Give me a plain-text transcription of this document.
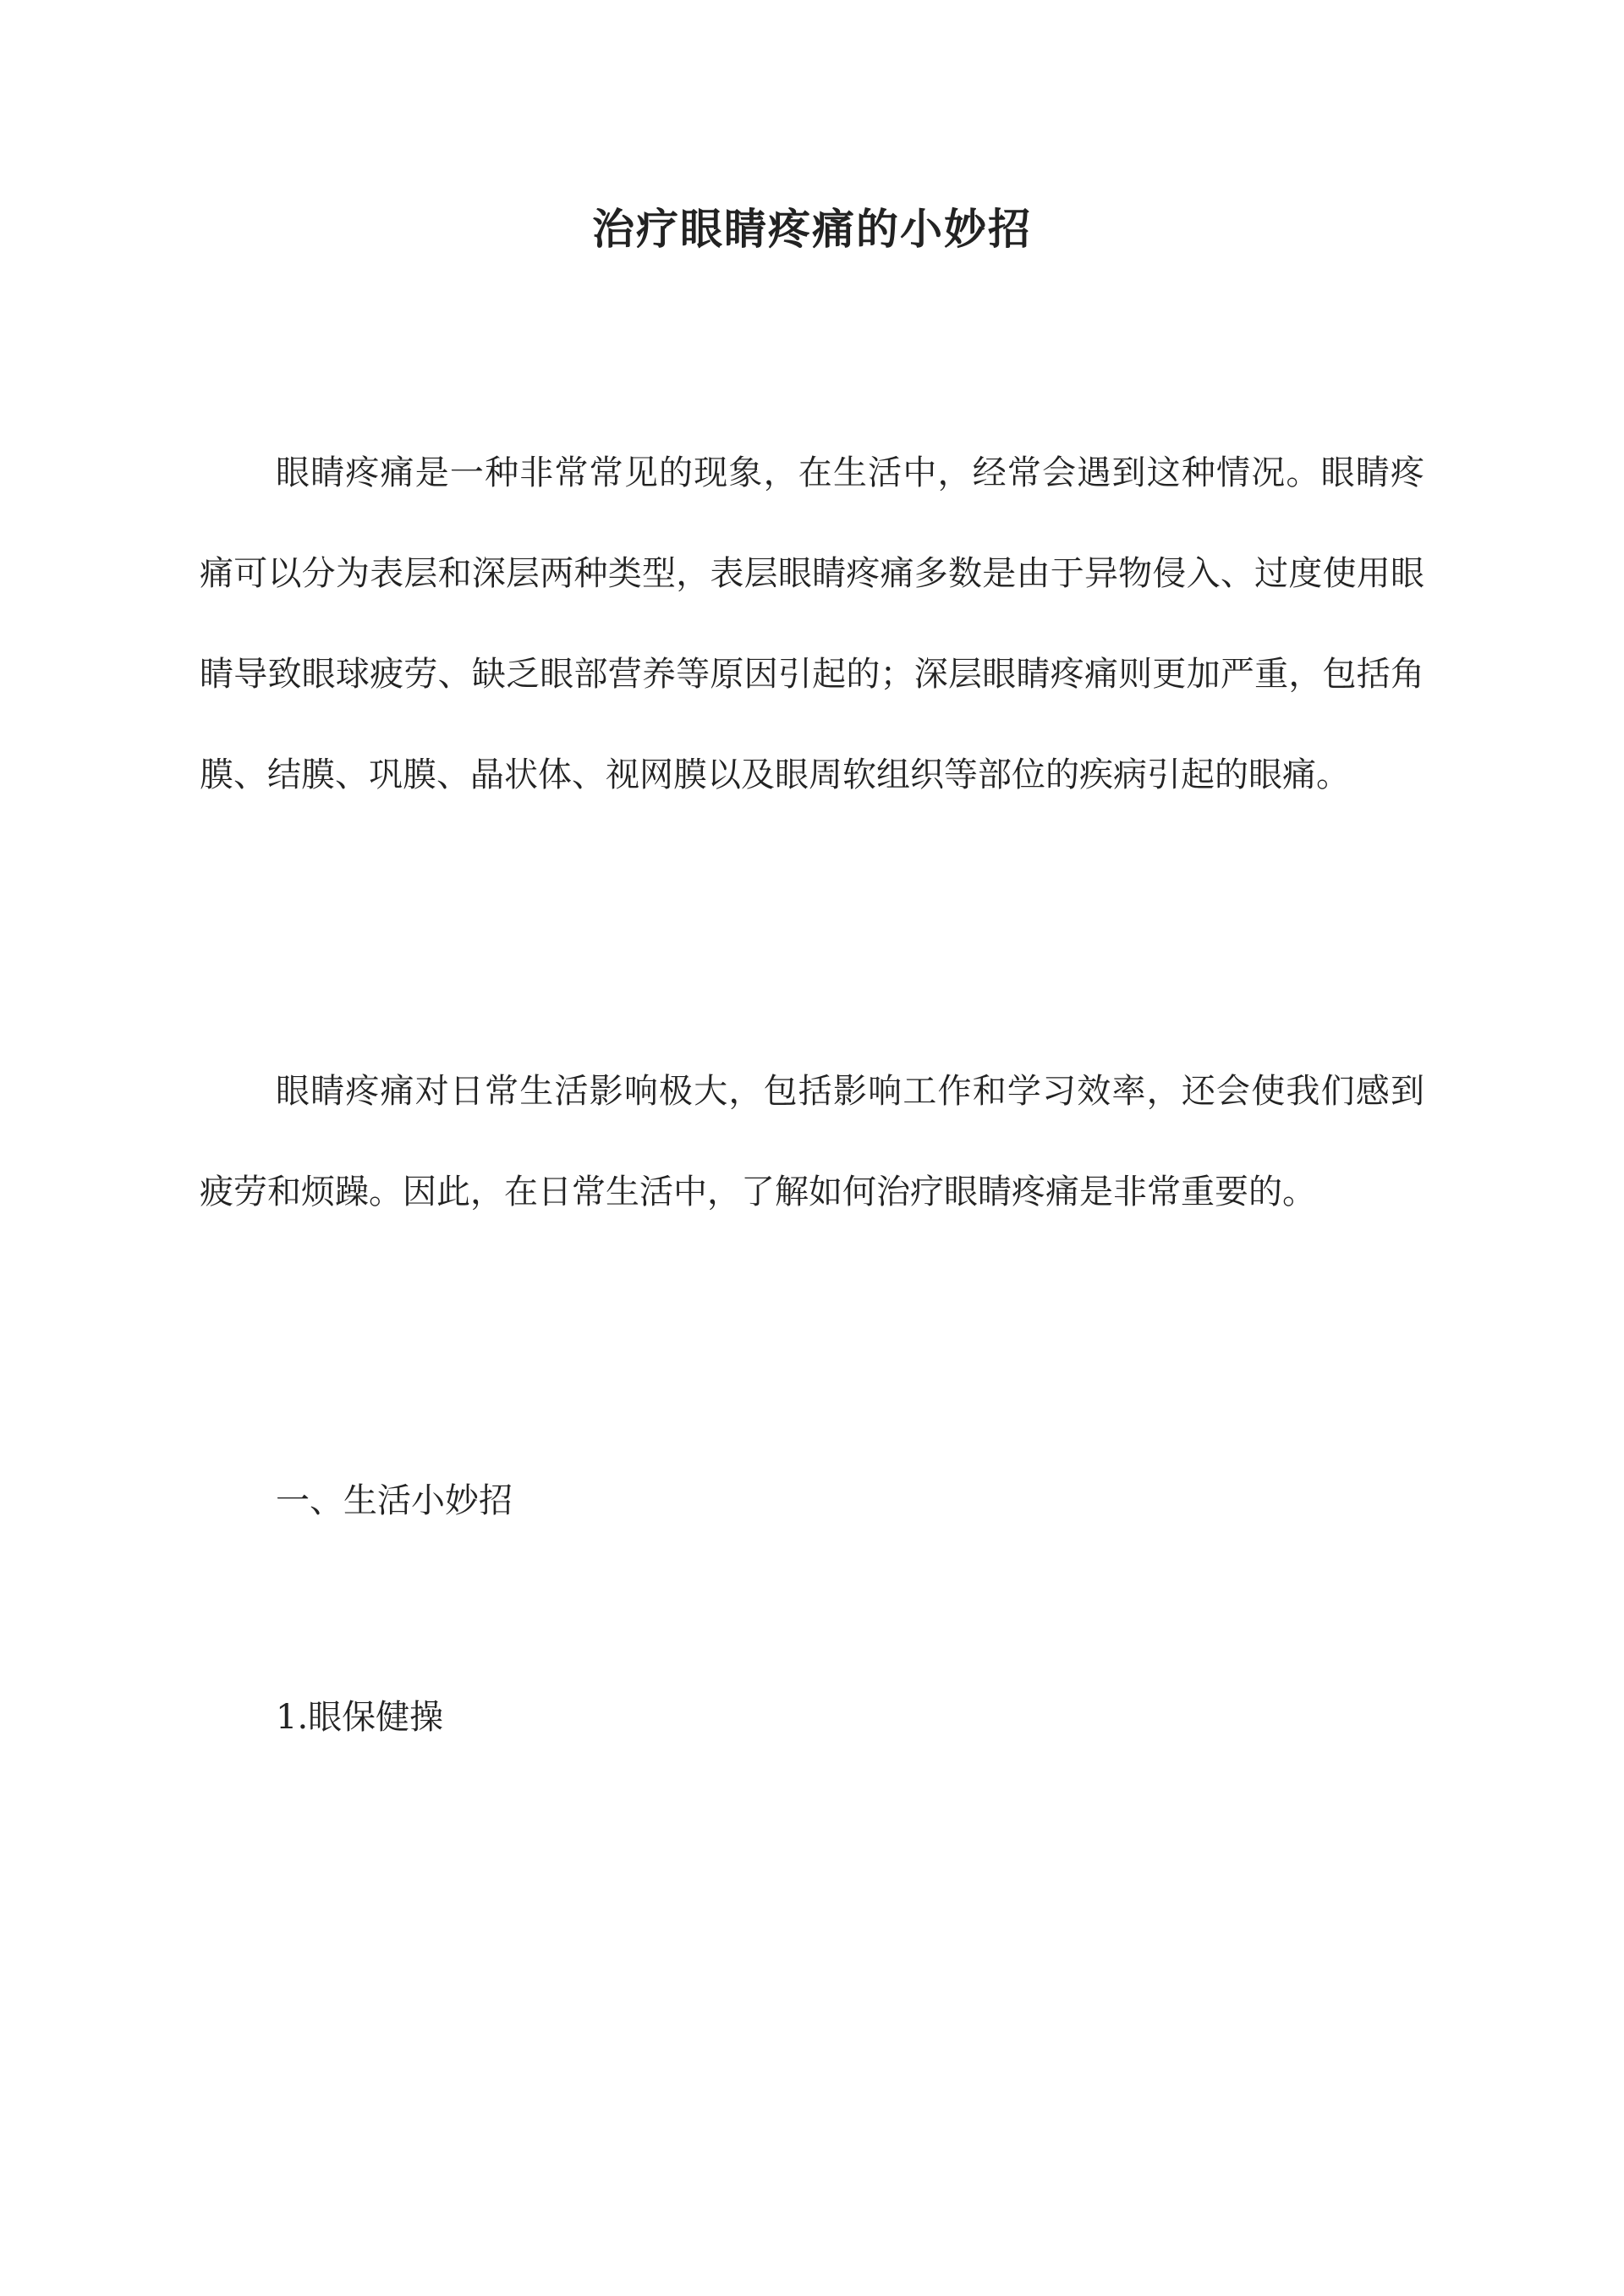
治疗眼睛疼痛的小妙招

眼睛疼痛是一种非常常见的现象，在生活中，经常会遇到这种情况。眼睛疼痛可以分为表层和深层两种类型，表层眼睛疼痛多数是由于异物侵入、过度使用眼睛导致眼球疲劳、缺乏眼部营养等原因引起的；深层眼睛疼痛则更加严重，包括角膜、结膜、巩膜、晶状体、视网膜以及眼周软组织等部位的疾病引起的眼痛。

眼睛疼痛对日常生活影响极大，包括影响工作和学习效率，还会使我们感到疲劳和烦躁。因此，在日常生活中，了解如何治疗眼睛疼痛是非常重要的。

一、生活小妙招

1.眼保健操
